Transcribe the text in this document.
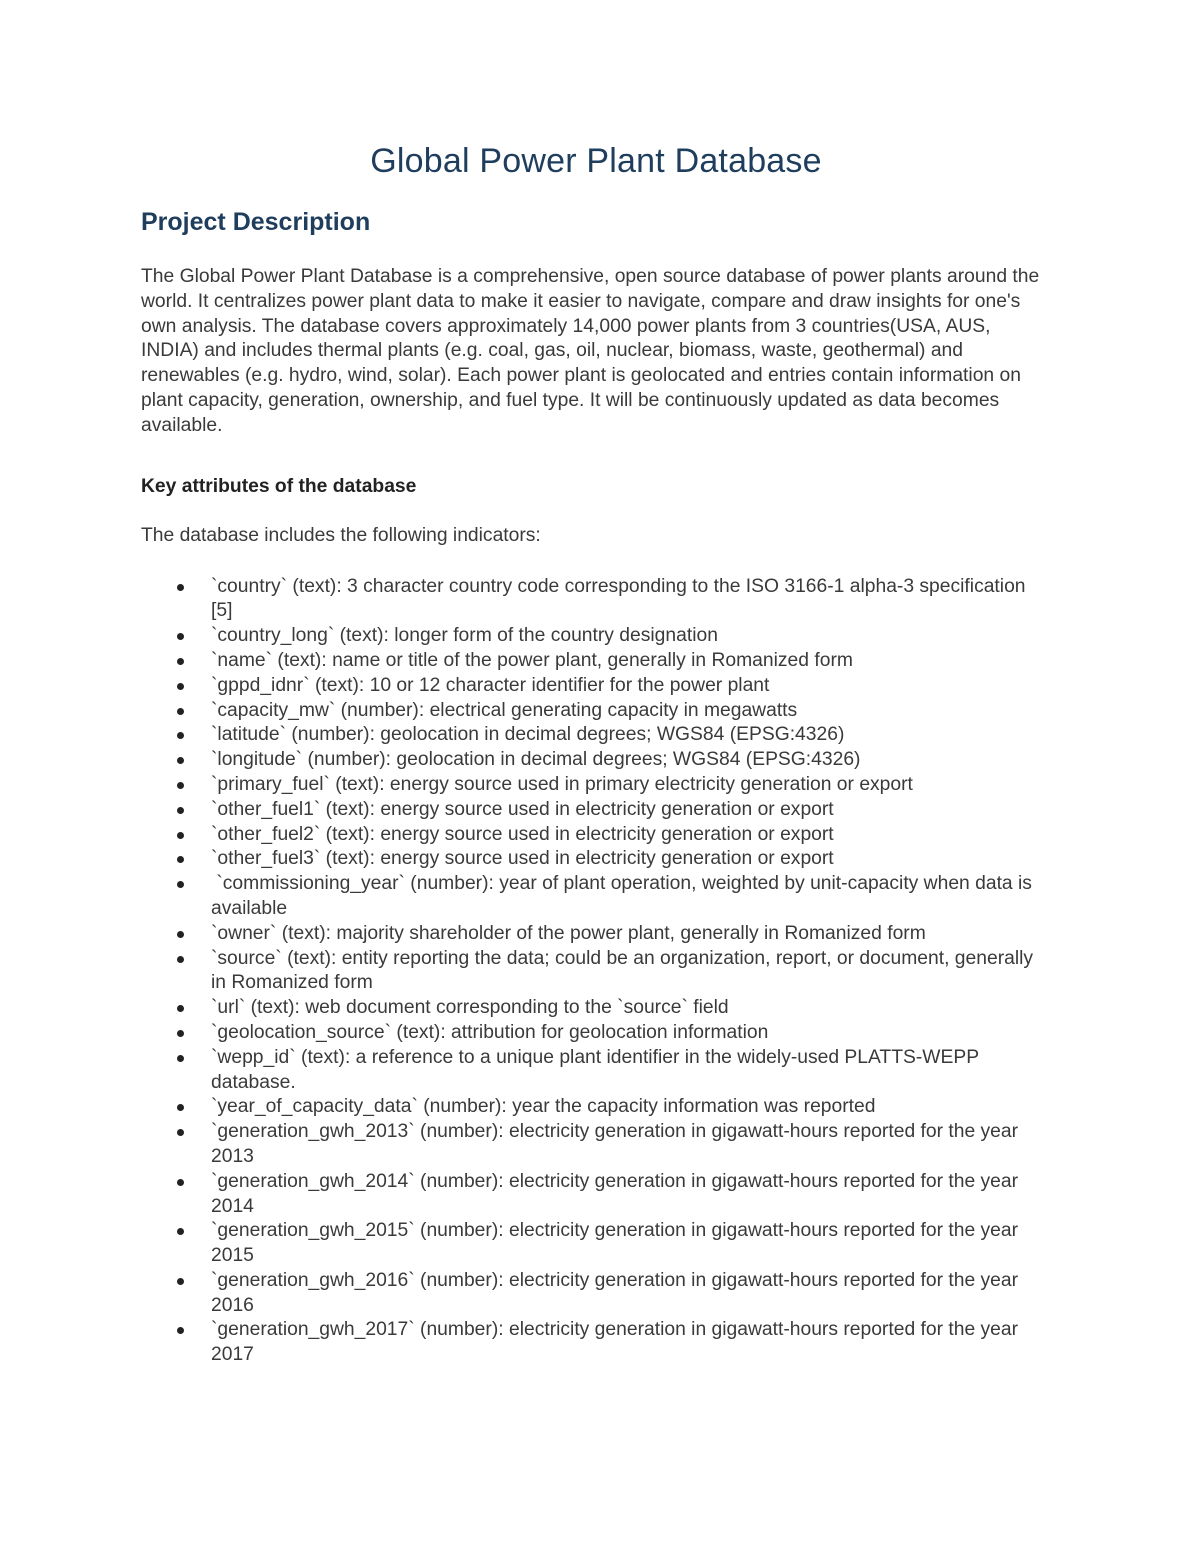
Global Power Plant Database
Project Description

The Global Power Plant Database is a comprehensive, open source database of power plants around the world. It centralizes power plant data to make it easier to navigate, compare and draw insights for one's own analysis. The database covers approximately 14,000 power plants from 3 countries(USA, AUS, INDIA) and includes thermal plants (e.g. coal, gas, oil, nuclear, biomass, waste, geothermal) and renewables (e.g. hydro, wind, solar). Each power plant is geolocated and entries contain information on plant capacity, generation, ownership, and fuel type. It will be continuously updated as data becomes available.

Key attributes of the database

The database includes the following indicators:

`country` (text): 3 character country code corresponding to the ISO 3166-1 alpha-3 specification [5]
`country_long` (text): longer form of the country designation
`name` (text): name or title of the power plant, generally in Romanized form
`gppd_idnr` (text): 10 or 12 character identifier for the power plant
`capacity_mw` (number): electrical generating capacity in megawatts
`latitude` (number): geolocation in decimal degrees; WGS84 (EPSG:4326)
`longitude` (number): geolocation in decimal degrees; WGS84 (EPSG:4326)
`primary_fuel` (text): energy source used in primary electricity generation or export
`other_fuel1` (text): energy source used in electricity generation or export
`other_fuel2` (text): energy source used in electricity generation or export
`other_fuel3` (text): energy source used in electricity generation or export
`commissioning_year` (number): year of plant operation, weighted by unit-capacity when data is available
`owner` (text): majority shareholder of the power plant, generally in Romanized form
`source` (text): entity reporting the data; could be an organization, report, or document, generally in Romanized form
`url` (text): web document corresponding to the `source` field
`geolocation_source` (text): attribution for geolocation information
`wepp_id` (text): a reference to a unique plant identifier in the widely-used PLATTS-WEPP database.
`year_of_capacity_data` (number): year the capacity information was reported
`generation_gwh_2013` (number): electricity generation in gigawatt-hours reported for the year 2013
`generation_gwh_2014` (number): electricity generation in gigawatt-hours reported for the year 2014
`generation_gwh_2015` (number): electricity generation in gigawatt-hours reported for the year 2015
`generation_gwh_2016` (number): electricity generation in gigawatt-hours reported for the year 2016
`generation_gwh_2017` (number): electricity generation in gigawatt-hours reported for the year 2017
